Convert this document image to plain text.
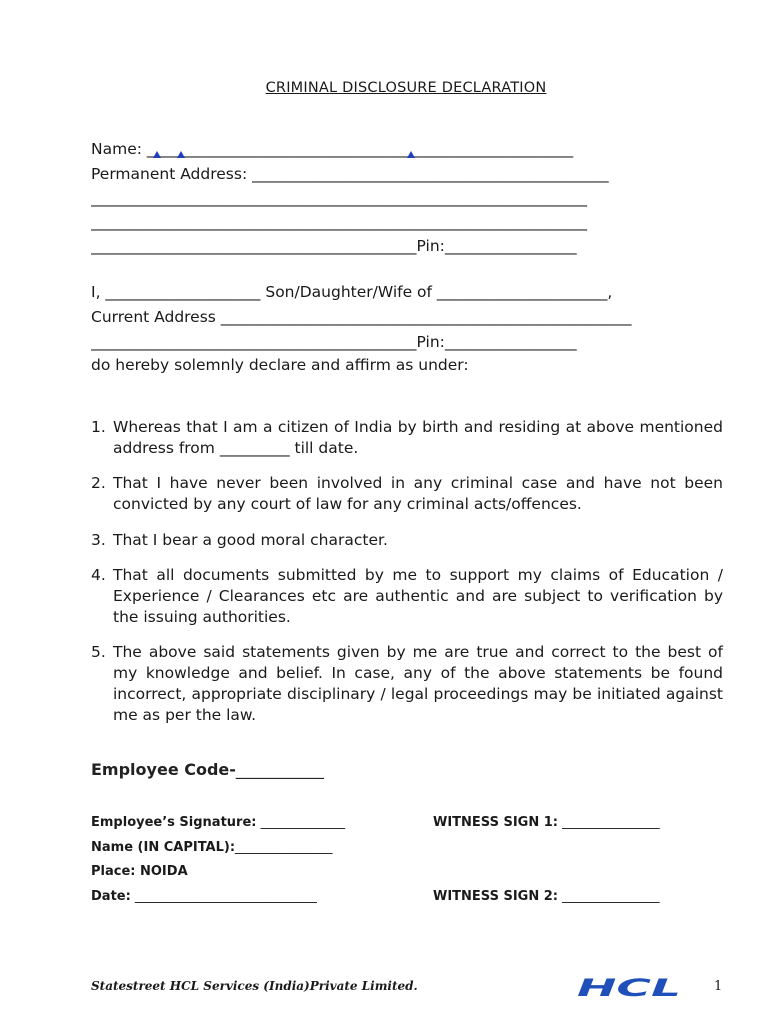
CRIMINAL DISCLOSURE DECLARATION
Name: _______________________________________________________
Permanent Address: ______________________________________________
________________________________________________________________
________________________________________________________________
__________________________________________Pin:_________________
I, ____________________ Son/Daughter/Wife of ______________________,
Current Address _____________________________________________________
__________________________________________Pin:_________________
do hereby solemnly declare and affirm as under:
1. Whereas that I am a citizen of India by birth and residing at above mentioned address from _________ till date.
2. That I have never been involved in any criminal case and have not been convicted by any court of law for any criminal acts/offences.
3. That I bear a good moral character.
4. That all documents submitted by me to support my claims of Education / Experience / Clearances etc are authentic and are subject to verification by the issuing authorities.
5. The above said statements given by me are true and correct to the best of my knowledge and belief. In case, any of the above statements be found incorrect, appropriate disciplinary / legal proceedings may be initiated against me as per the law.
Employee Code-___________
Employee’s Signature: _____________	WITNESS SIGN 1: _______________
Name (IN CAPITAL):_______________
Place: NOIDA
Date: ____________________________	WITNESS SIGN 2: _______________
Statestreet HCL Services (India)Private Limited.	HCL	1
